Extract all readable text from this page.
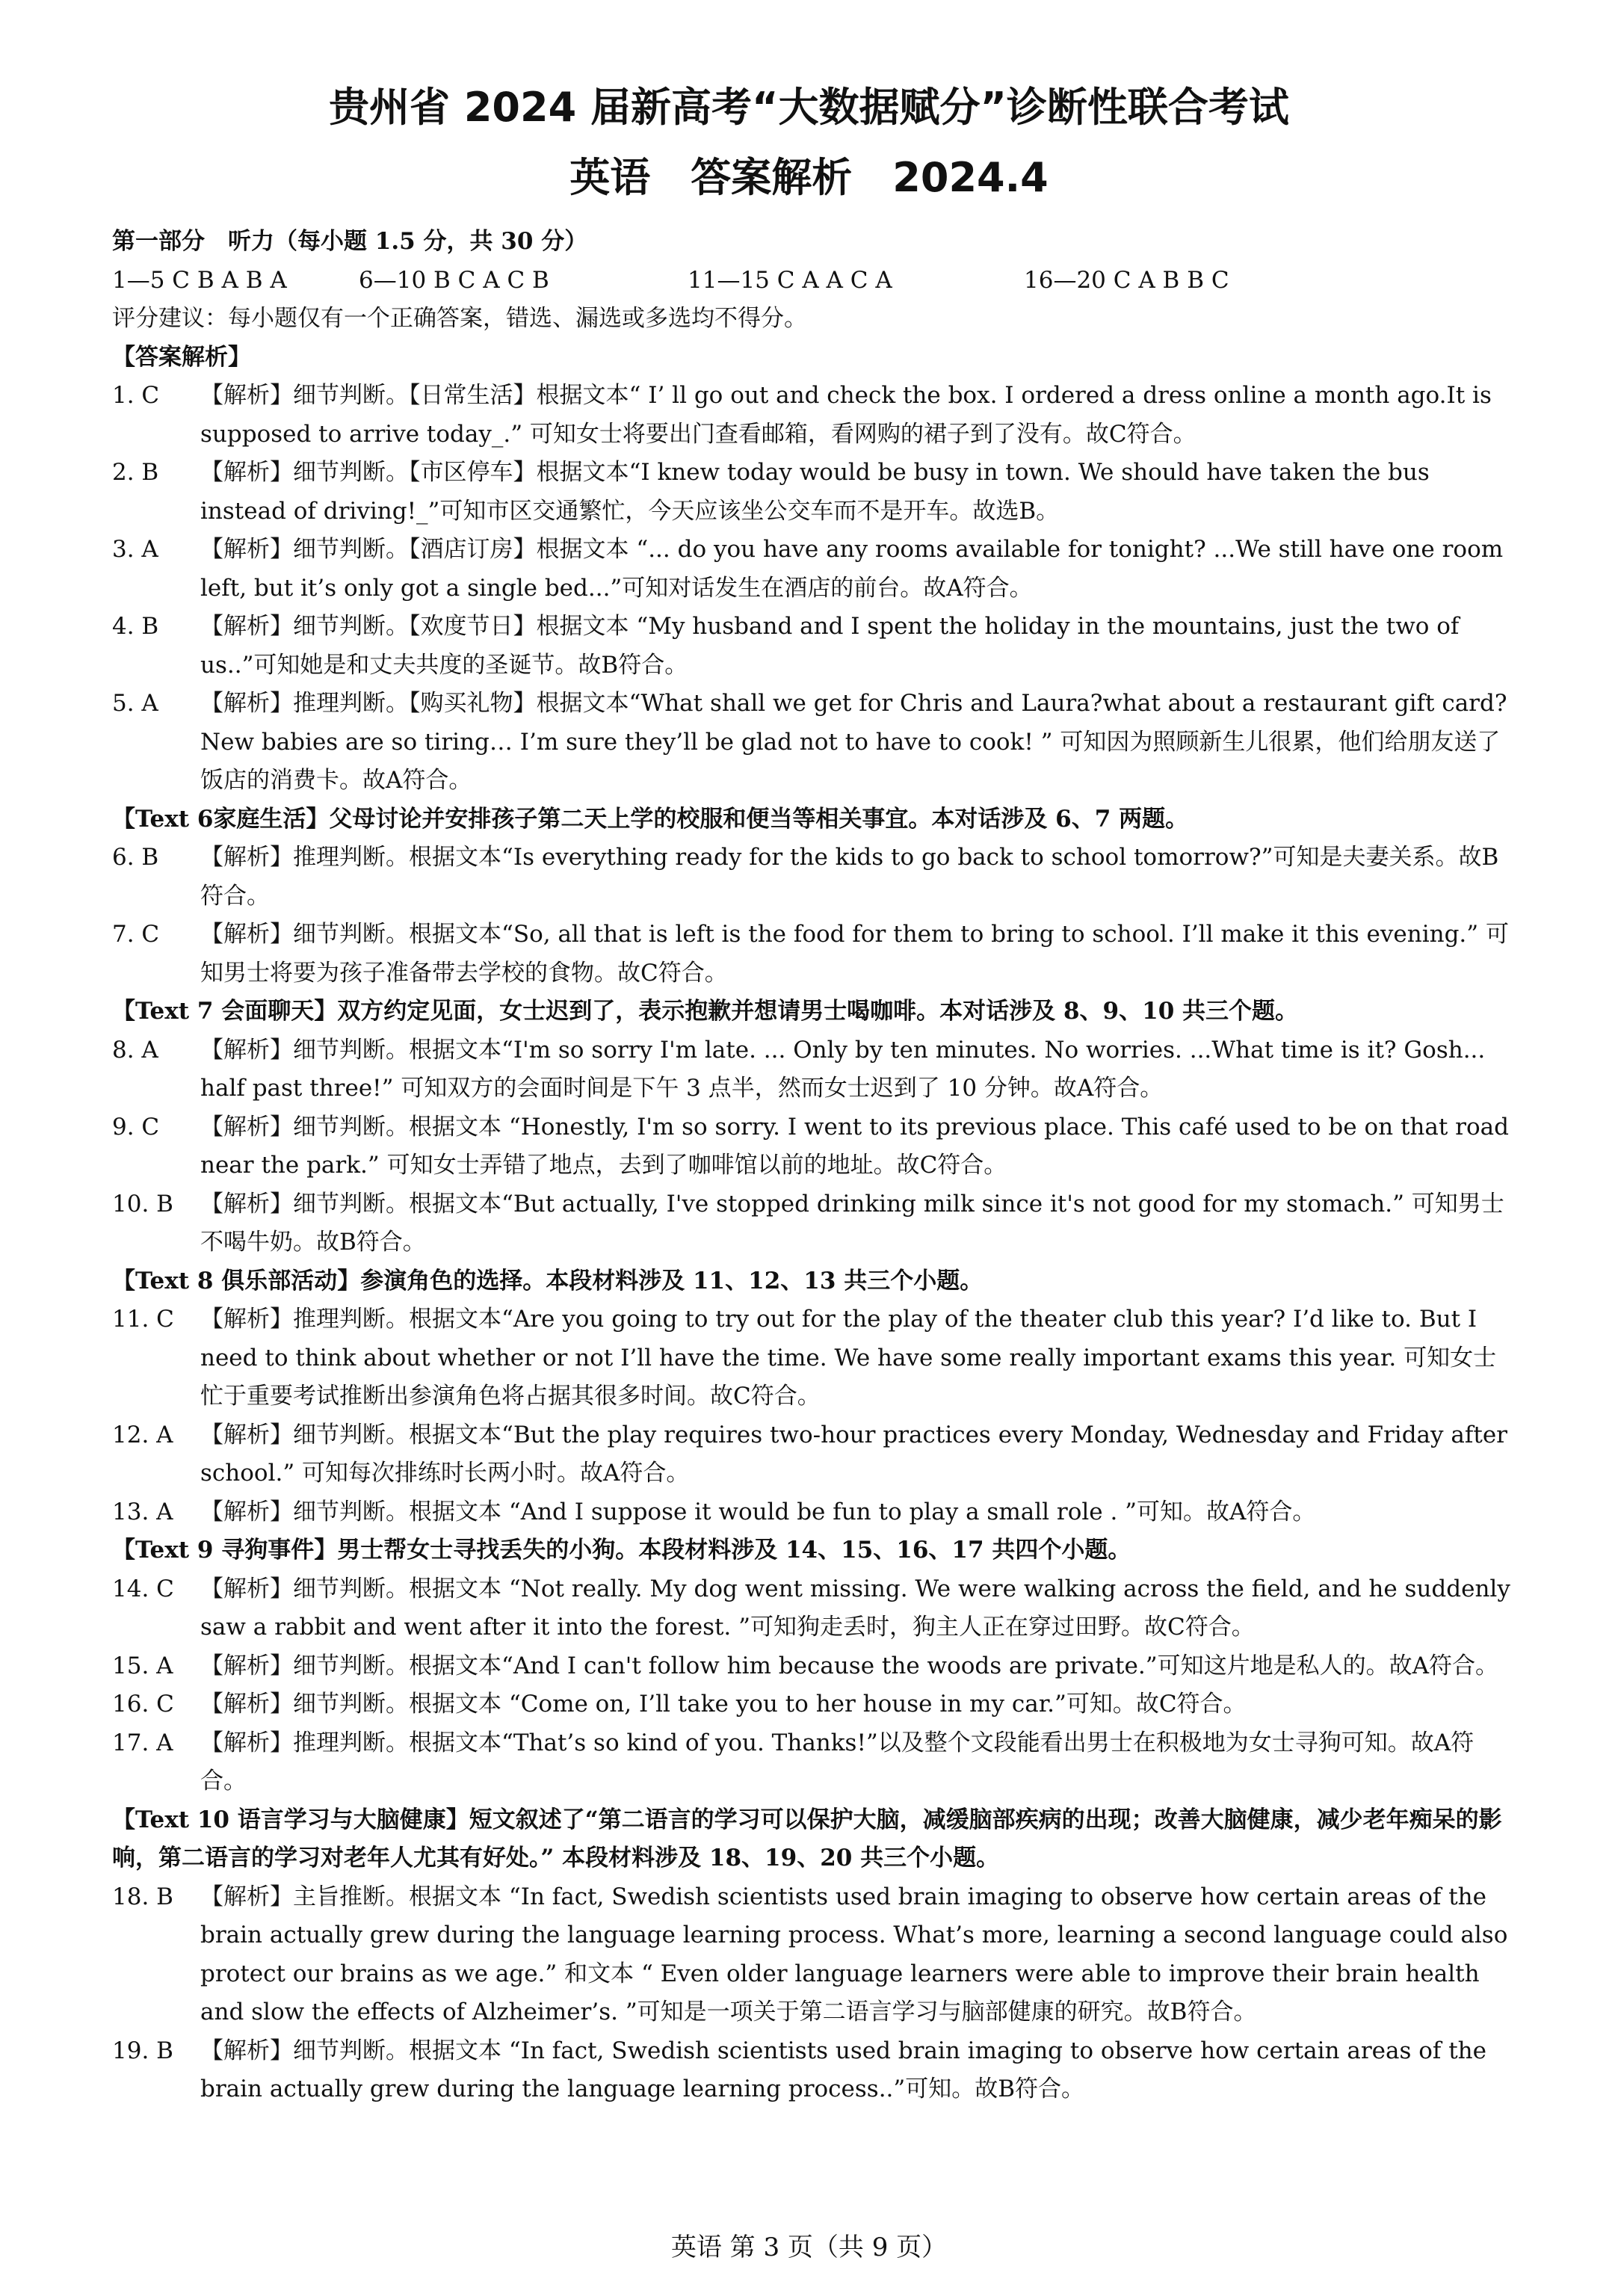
贵州省 2024 届新高考“大数据赋分”诊断性联合考试
英语　答案解析　2024.4
第一部分　听力（每小题 1.5 分，共 30 分）
1—5 C B A B A	6—10 B C A C B	11—15 C A A C A	16—20 C A B B C
评分建议：每小题仅有一个正确答案，错选、漏选或多选均不得分。
【答案解析】
1. C	【解析】细节判断。【日常生活】根据文本“ I’ ll go out and check the box. I ordered a dress online a month ago.It is supposed to arrive today_.” 可知女士将要出门查看邮箱，看网购的裙子到了没有。故C符合。
2. B	【解析】细节判断。【市区停车】根据文本“I knew today would be busy in town. We should have taken the bus instead of driving!_”可知市区交通繁忙，今天应该坐公交车而不是开车。故选B。
3. A	【解析】细节判断。【酒店订房】根据文本 “... do you have any rooms available for tonight? ...We still have one room left, but it’s only got a single bed...”可知对话发生在酒店的前台。故A符合。
4. B	【解析】细节判断。【欢度节日】根据文本 “My husband and I spent the holiday in the mountains, just the two of us..”可知她是和丈夫共度的圣诞节。故B符合。
5. A	【解析】推理判断。【购买礼物】根据文本“What shall we get for Chris and Laura?what about a restaurant gift card? New babies are so tiring… I’m sure they’ll be glad not to have to cook! ” 可知因为照顾新生儿很累，他们给朋友送了饭店的消费卡。故A符合。
【Text 6家庭生活】父母讨论并安排孩子第二天上学的校服和便当等相关事宜。本对话涉及 6、7 两题。
6. B	【解析】推理判断。根据文本“Is everything ready for the kids to go back to school tomorrow?”可知是夫妻关系。故B符合。
7. C	【解析】细节判断。根据文本“So, all that is left is the food for them to bring to school. I’ll make it this evening.” 可知男士将要为孩子准备带去学校的食物。故C符合。
【Text 7 会面聊天】双方约定见面，女士迟到了，表示抱歉并想请男士喝咖啡。本对话涉及 8、9、10 共三个题。
8. A	【解析】细节判断。根据文本“I'm so sorry I'm late. ... Only by ten minutes. No worries. ...What time is it? Gosh... half past three!” 可知双方的会面时间是下午 3 点半，然而女士迟到了 10 分钟。故A符合。
9. C	【解析】细节判断。根据文本 “Honestly, I'm so sorry. I went to its previous place. This café used to be on that road near the park.” 可知女士弄错了地点，去到了咖啡馆以前的地址。故C符合。
10. B	【解析】细节判断。根据文本“But actually, I've stopped drinking milk since it's not good for my stomach.” 可知男士不喝牛奶。故B符合。
【Text 8 俱乐部活动】参演角色的选择。本段材料涉及 11、12、13 共三个小题。
11. C	【解析】推理判断。根据文本“Are you going to try out for the play of the theater club this year? I’d like to. But I need to think about whether or not I’ll have the time. We have some really important exams this year. 可知女士忙于重要考试推断出参演角色将占据其很多时间。故C符合。
12. A	【解析】细节判断。根据文本“But the play requires two-hour practices every Monday, Wednesday and Friday after school.” 可知每次排练时长两小时。故A符合。
13. A	【解析】细节判断。根据文本 “And I suppose it would be fun to play a small role . ”可知。故A符合。
【Text 9 寻狗事件】男士帮女士寻找丢失的小狗。本段材料涉及 14、15、16、17 共四个小题。
14. C	【解析】细节判断。根据文本 “Not really. My dog went missing. We were walking across the field, and he suddenly saw a rabbit and went after it into the forest. ”可知狗走丢时，狗主人正在穿过田野。故C符合。
15. A	【解析】细节判断。根据文本“And I can't follow him because the woods are private.”可知这片地是私人的。故A符合。
16. C	【解析】细节判断。根据文本 “Come on, I’ll take you to her house in my car.”可知。故C符合。
17. A	【解析】推理判断。根据文本“That’s so kind of you. Thanks!”以及整个文段能看出男士在积极地为女士寻狗可知。故A符合。
【Text 10 语言学习与大脑健康】短文叙述了“第二语言的学习可以保护大脑，减缓脑部疾病的出现；改善大脑健康，减少老年痴呆的影响，第二语言的学习对老年人尤其有好处。” 本段材料涉及 18、19、20 共三个小题。
18. B	【解析】主旨推断。根据文本 “In fact, Swedish scientists used brain imaging to observe how certain areas of the brain actually grew during the language learning process. What’s more, learning a second language could also protect our brains as we age.” 和文本 “ Even older language learners were able to improve their brain health and slow the effects of Alzheimer’s. ”可知是一项关于第二语言学习与脑部健康的研究。故B符合。
19. B	【解析】细节判断。根据文本 “In fact, Swedish scientists used brain imaging to observe how certain areas of the brain actually grew during the language learning process..”可知。故B符合。
英语 第 3 页（共 9 页）
